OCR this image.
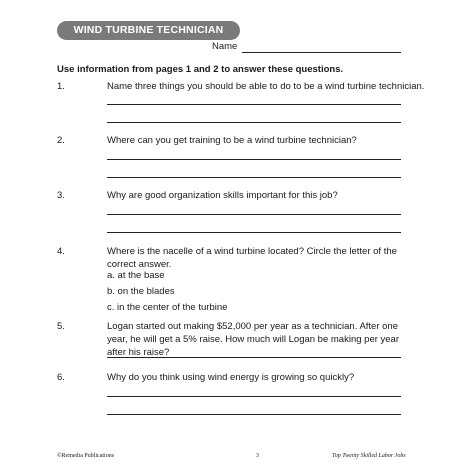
WIND TURBINE TECHNICIAN
Name
Use information from pages 1 and 2 to answer these questions.
1.	Name three things you should be able to do to be a wind turbine technician.
2.	Where can you get training to be a wind turbine technician?
3.	Why are good organization skills important for this job?
4.	Where is the nacelle of a wind turbine located? Circle the letter of the correct answer.
a. at the base
b. on the blades
c. in the center of the turbine
5.	Logan started out making $52,000 per year as a technician. After one year, he will get a 5% raise. How much will Logan be making per year after his raise?
6.	Why do you think using wind energy is growing so quickly?
©Remedia Publications	3	Top Twenty Skilled Labor Jobs
